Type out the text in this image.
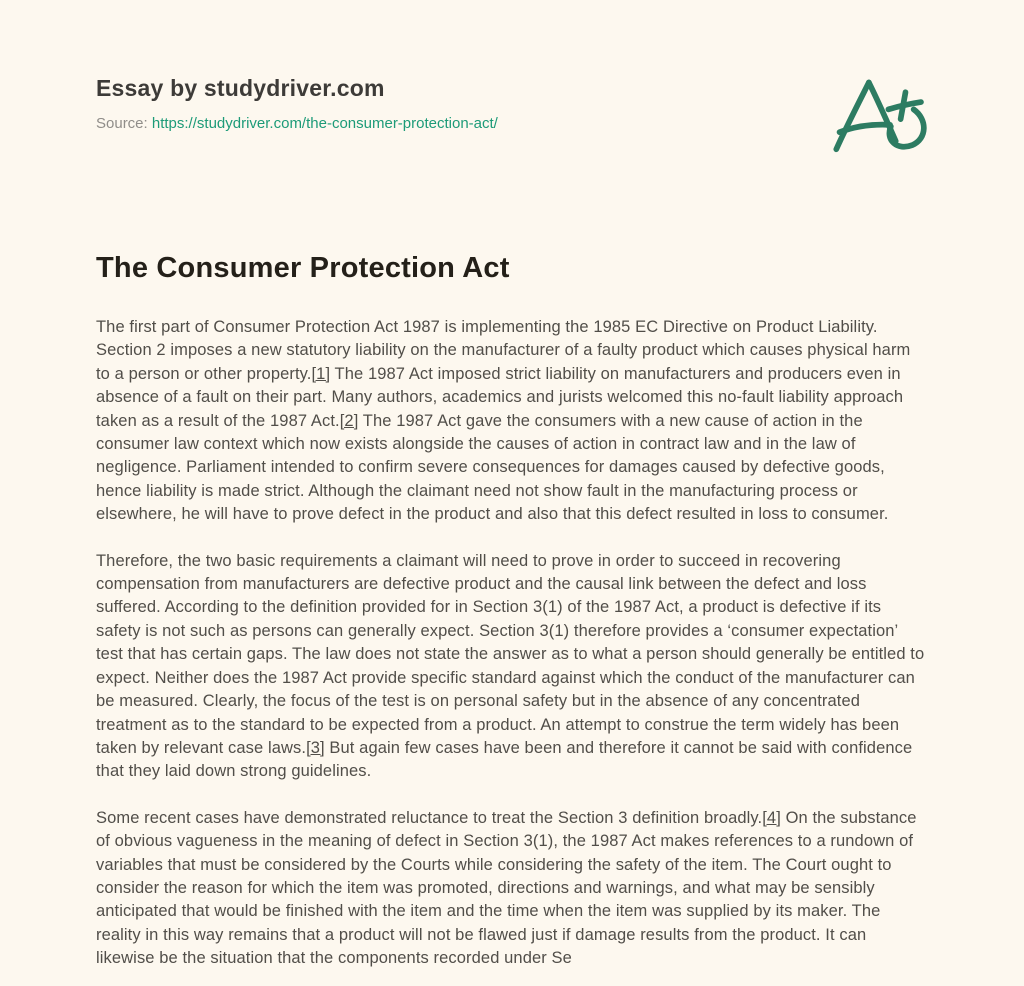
Essay by studydriver.com
Source: https://studydriver.com/the-consumer-protection-act/
The Consumer Protection Act

The first part of Consumer Protection Act 1987 is implementing the 1985 EC Directive on Product Liability. Section 2 imposes a new statutory liability on the manufacturer of a faulty product which causes physical harm to a person or other property.[1] The 1987 Act imposed strict liability on manufacturers and producers even in absence of a fault on their part. Many authors, academics and jurists welcomed this no-fault liability approach taken as a result of the 1987 Act.[2] The 1987 Act gave the consumers with a new cause of action in the consumer law context which now exists alongside the causes of action in contract law and in the law of negligence. Parliament intended to confirm severe consequences for damages caused by defective goods, hence liability is made strict. Although the claimant need not show fault in the manufacturing process or elsewhere, he will have to prove defect in the product and also that this defect resulted in loss to consumer.

Therefore, the two basic requirements a claimant will need to prove in order to succeed in recovering compensation from manufacturers are defective product and the causal link between the defect and loss suffered. According to the definition provided for in Section 3(1) of the 1987 Act, a product is defective if its safety is not such as persons can generally expect. Section 3(1) therefore provides a ‘consumer expectation’ test that has certain gaps. The law does not state the answer as to what a person should generally be entitled to expect. Neither does the 1987 Act provide specific standard against which the conduct of the manufacturer can be measured. Clearly, the focus of the test is on personal safety but in the absence of any concentrated treatment as to the standard to be expected from a product. An attempt to construe the term widely has been taken by relevant case laws.[3] But again few cases have been and therefore it cannot be said with confidence that they laid down strong guidelines.

Some recent cases have demonstrated reluctance to treat the Section 3 definition broadly.[4] On the substance of obvious vagueness in the meaning of defect in Section 3(1), the 1987 Act makes references to a rundown of variables that must be considered by the Courts while considering the safety of the item. The Court ought to consider the reason for which the item was promoted, directions and warnings, and what may be sensibly anticipated that would be finished with the item and the time when the item was supplied by its maker. The reality in this way remains that a product will not be flawed just if damage results from the product. It can likewise be the situation that the components recorded under Se
